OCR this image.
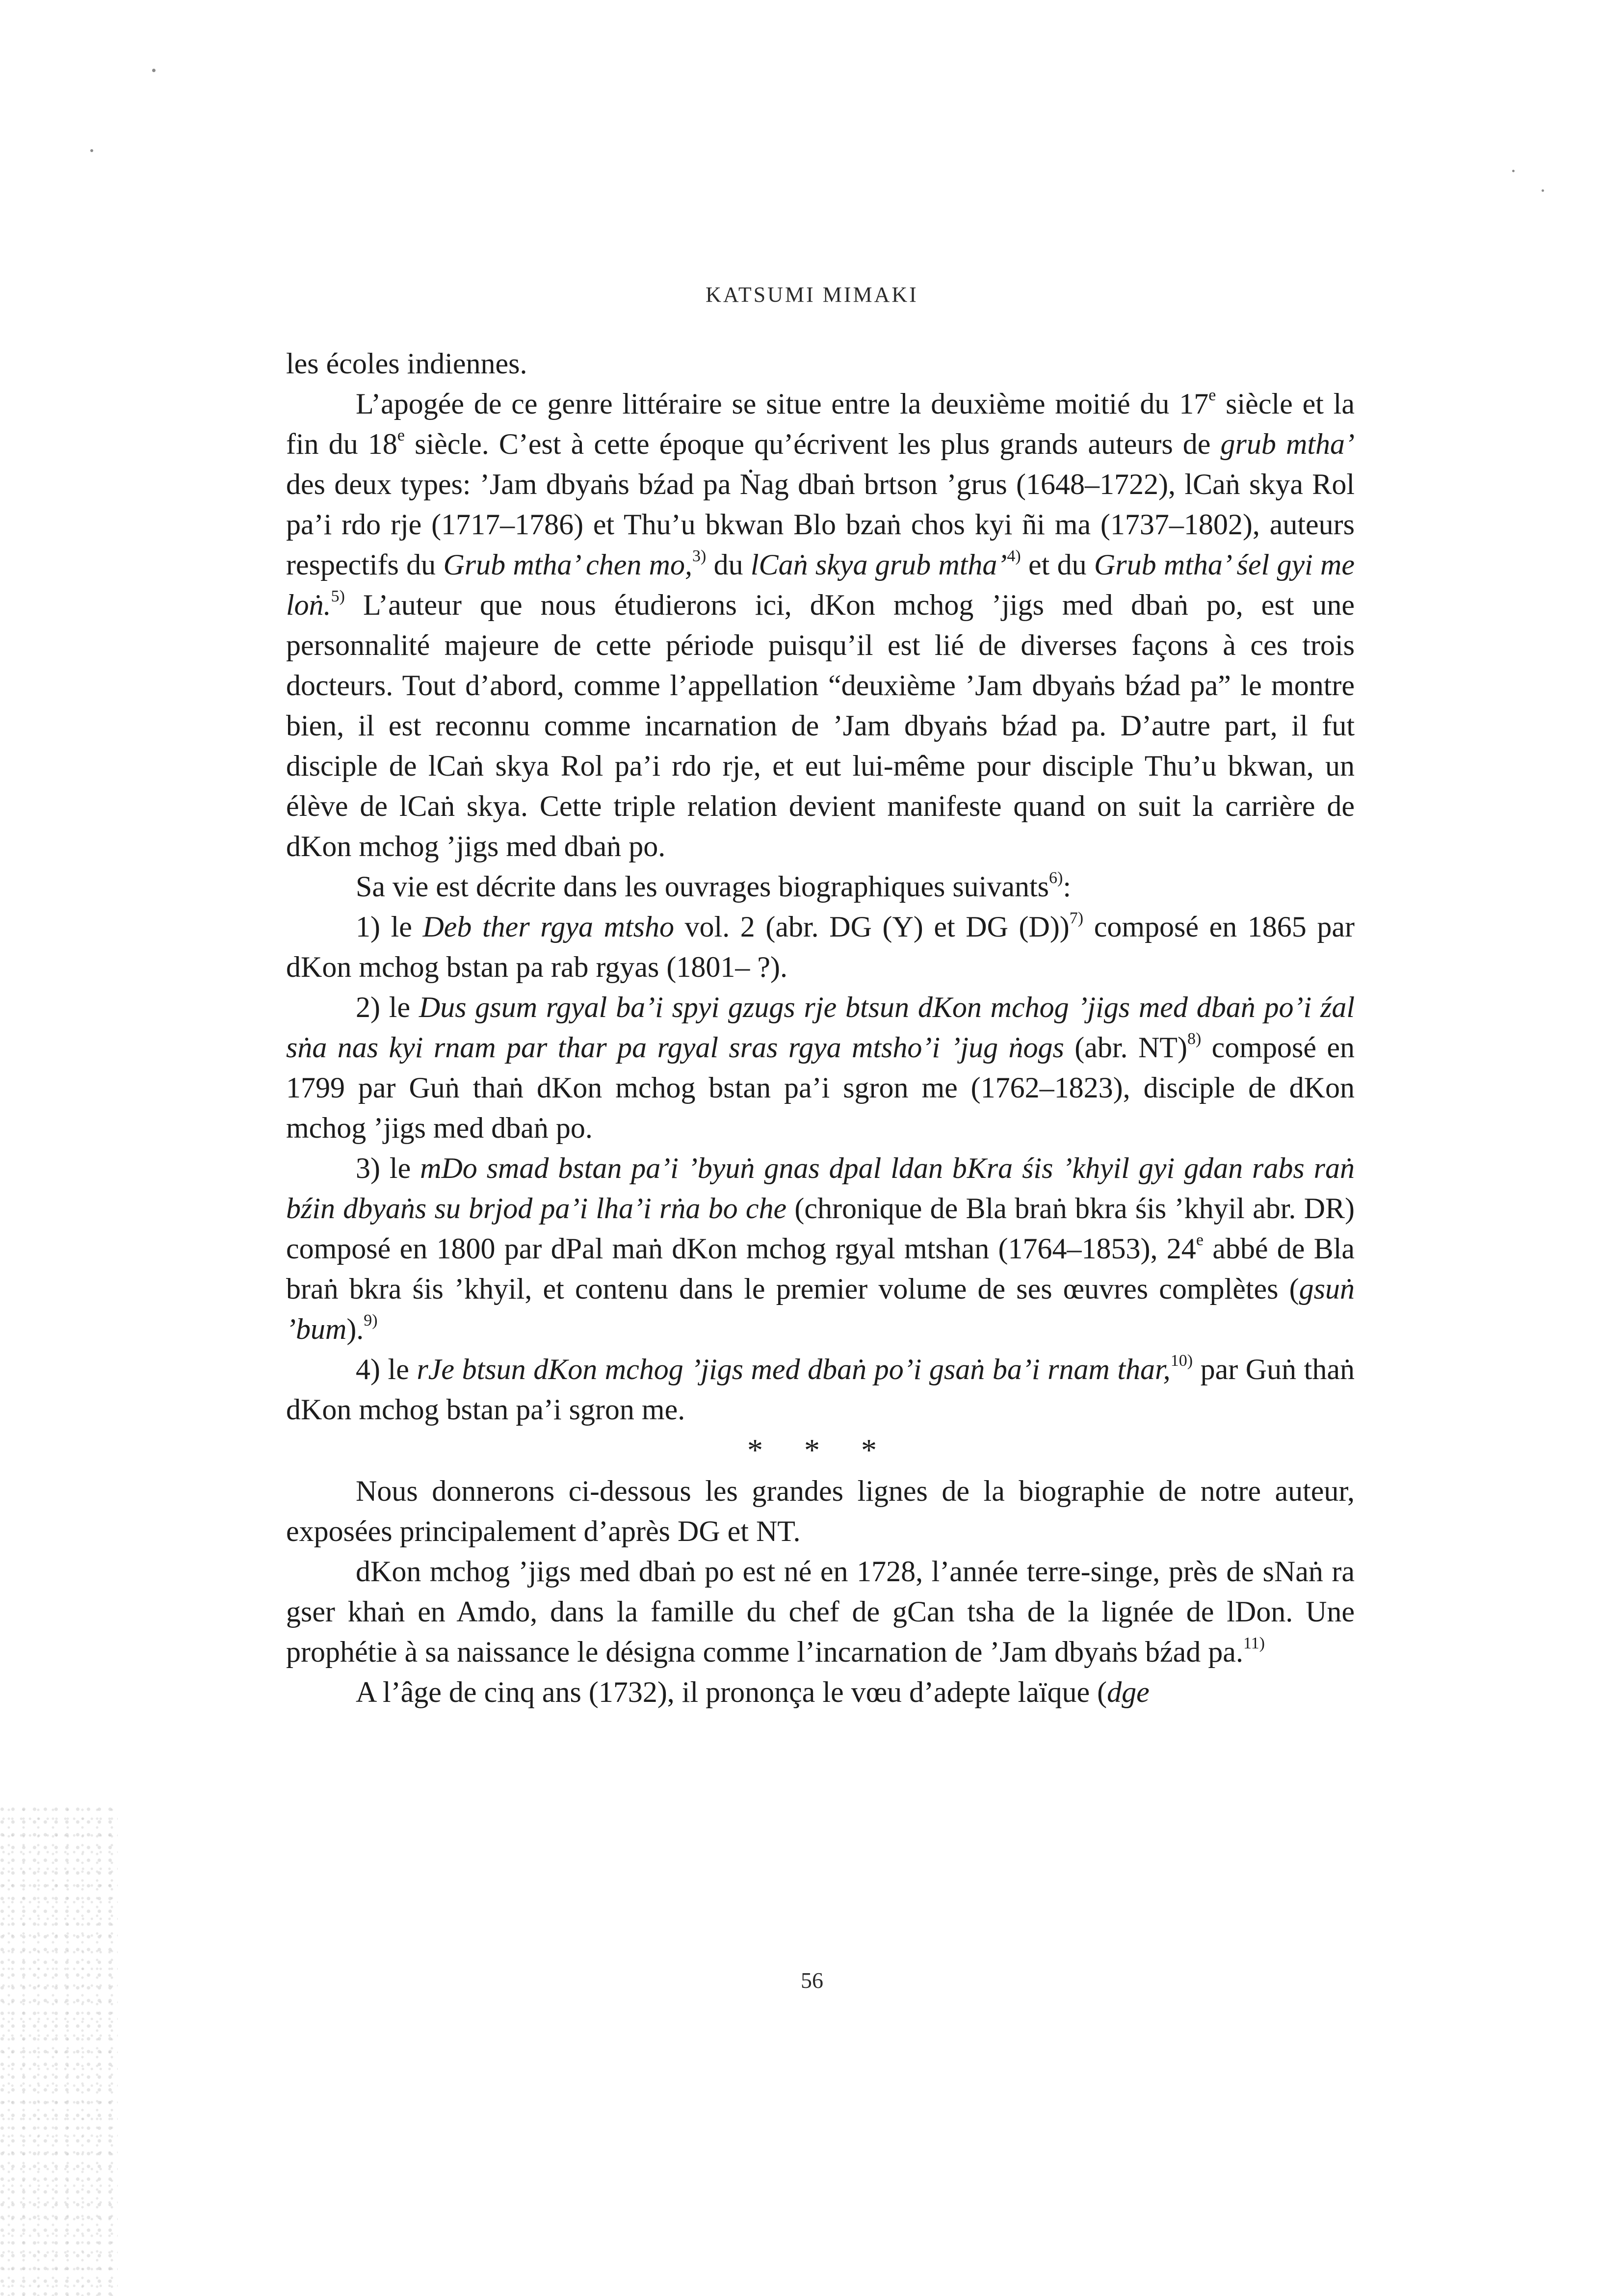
KATSUMI MIMAKI

les écoles indiennes.

L’apogée de ce genre littéraire se situe entre la deuxième moitié du 17e siècle et la fin du 18e siècle. C’est à cette époque qu’écrivent les plus grands auteurs de grub mtha’ des deux types: ’Jam dbyaṅs bźad pa Ṅag dbaṅ brtson ’grus (1648–1722), lCaṅ skya Rol pa’i rdo rje (1717–1786) et Thu’u bkwan Blo bzaṅ chos kyi ñi ma (1737–1802), auteurs respectifs du Grub mtha’ chen mo,$^{3)}$ du lCaṅ skya grub mtha’$^{4)}$ et du Grub mtha’ śel gyi me loṅ.$^{5)}$ L’auteur que nous étudierons ici, dKon mchog ’jigs med dbaṅ po, est une personnalité majeure de cette période puisqu’il est lié de diverses façons à ces trois docteurs. Tout d’abord, comme l’appellation “deuxième ’Jam dbyaṅs bźad pa” le montre bien, il est reconnu comme incarnation de ’Jam dbyaṅs bźad pa. D’autre part, il fut disciple de lCaṅ skya Rol pa’i rdo rje, et eut lui-même pour disciple Thu’u bkwan, un élève de lCaṅ skya. Cette triple relation devient manifeste quand on suit la carrière de dKon mchog ’jigs med dbaṅ po.

Sa vie est décrite dans les ouvrages biographiques suivants$^{6)}$:

1) le Deb ther rgya mtsho vol. 2 (abr. DG (Y) et DG (D))$^{7)}$ composé en 1865 par dKon mchog bstan pa rab rgyas (1801– ?).

2) le Dus gsum rgyal ba’i spyi gzugs rje btsun dKon mchog ’jigs med dbaṅ po’i źal sṅa nas kyi rnam par thar pa rgyal sras rgya mtsho’i ’jug ṅogs (abr. NT)$^{8)}$ composé en 1799 par Guṅ thaṅ dKon mchog bstan pa’i sgron me (1762–1823), disciple de dKon mchog ’jigs med dbaṅ po.

3) le mDo smad bstan pa’i ’byuṅ gnas dpal ldan bKra śis ’khyil gyi gdan rabs raṅ bźin dbyaṅs su brjod pa’i lha’i rṅa bo che (chronique de Bla braṅ bkra śis ’khyil abr. DR) composé en 1800 par dPal maṅ dKon mchog rgyal mtshan (1764–1853), 24e abbé de Bla braṅ bkra śis ’khyil, et contenu dans le premier volume de ses œuvres complètes (gsuṅ ’bum).$^{9)}$

4) le rJe btsun dKon mchog ’jigs med dbaṅ po’i gsaṅ ba’i rnam thar,$^{10)}$ par Guṅ thaṅ dKon mchog bstan pa’i sgron me.

* * *

Nous donnerons ci-dessous les grandes lignes de la biographie de notre auteur, exposées principalement d’après DG et NT.

dKon mchog ’jigs med dbaṅ po est né en 1728, l’année terre-singe, près de sNaṅ ra gser khaṅ en Amdo, dans la famille du chef de gCan tsha de la lignée de lDon. Une prophétie à sa naissance le désigna comme l’incarnation de ’Jam dbyaṅs bźad pa.$^{11)}$

A l’âge de cinq ans (1732), il prononça le vœu d’adepte laïque (dge

56
